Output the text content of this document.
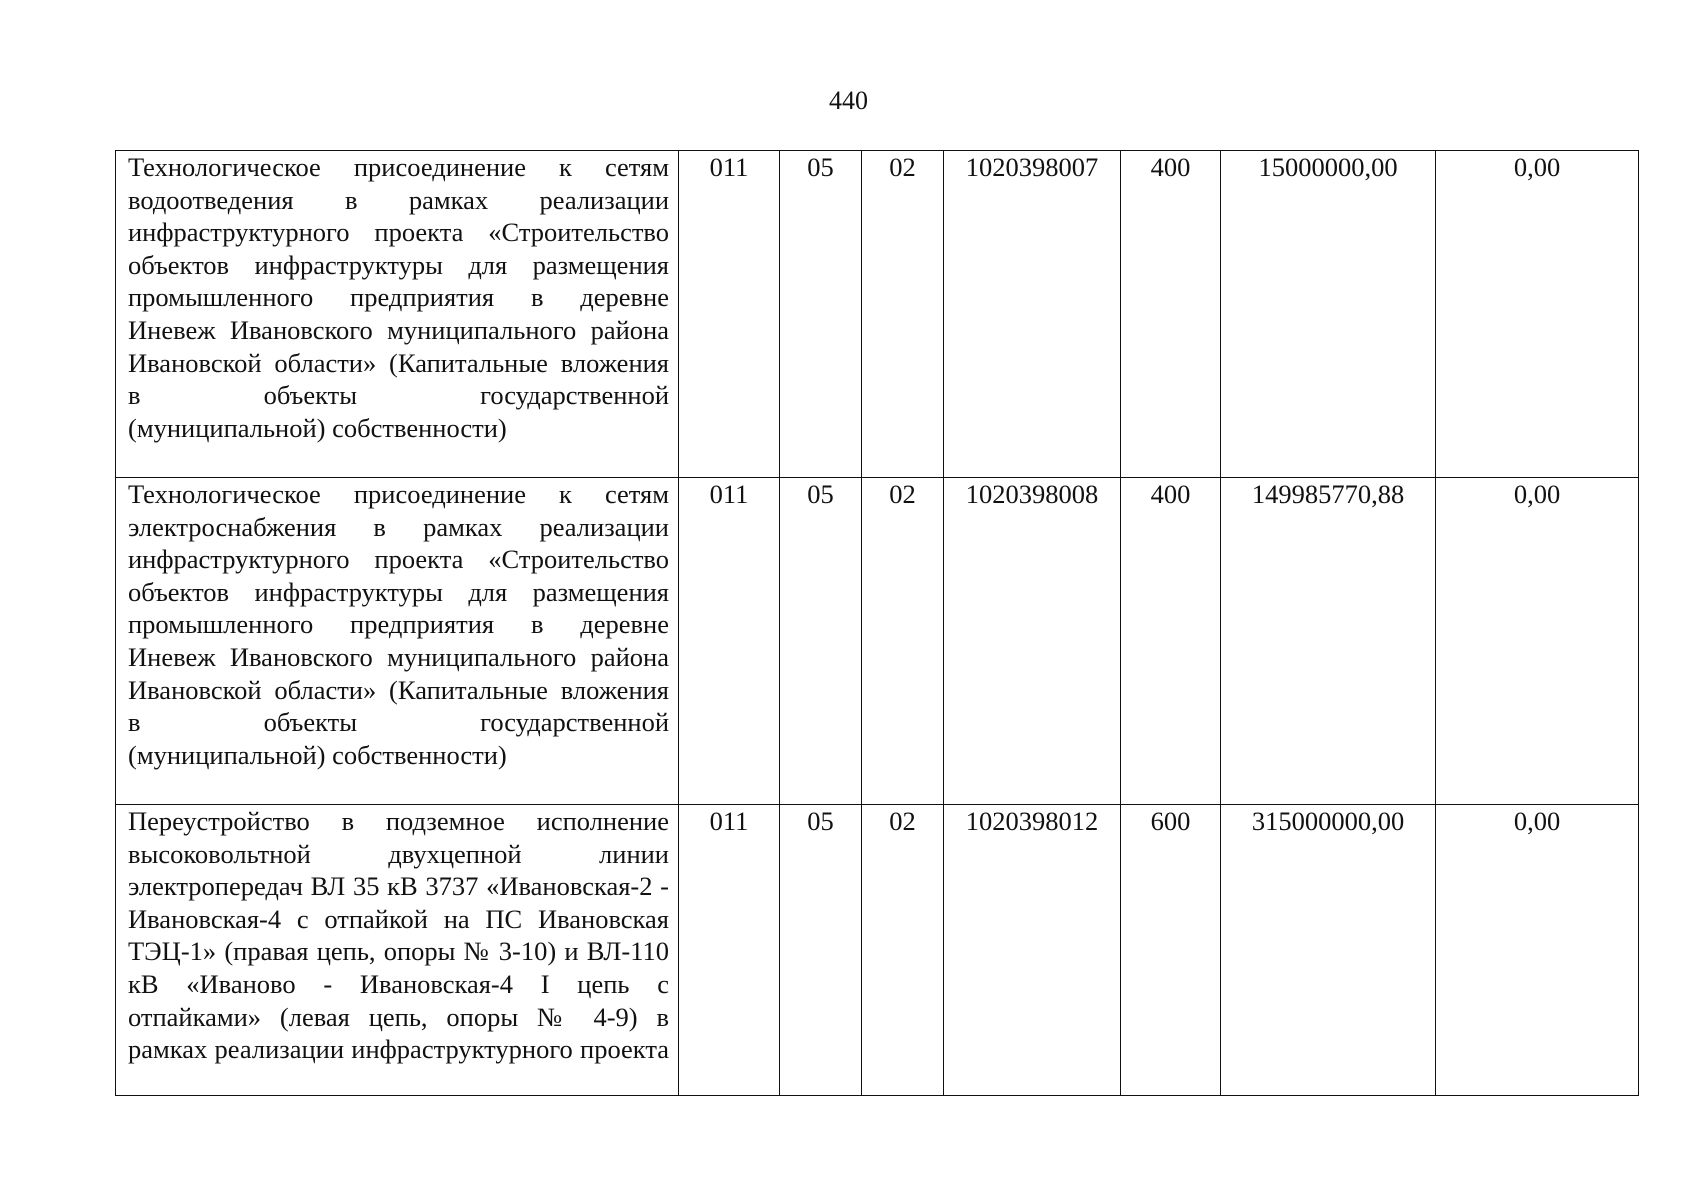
440
Технологическое присоединение к сетям водоотведения в рамках реализации инфраструктурного проекта «Строительство объектов инфраструктуры для размещения промышленного предприятия в деревне Иневеж Ивановского муниципального района Ивановской области» (Капитальные вложения в объекты государственной
(муниципальной) собственности)	011	05	02	1020398007	400	15000000,00	0,00

Технологическое присоединение к сетям электроснабжения в рамках реализации инфраструктурного проекта «Строительство объектов инфраструктуры для размещения промышленного предприятия в деревне Иневеж Ивановского муниципального района Ивановской области» (Капитальные вложения в объекты государственной
(муниципальной) собственности)	011	05	02	1020398008	400	149985770,88	0,00

Переустройство в подземное исполнение высоковольтной двухцепной линии электропередач ВЛ 35 кВ 3737 «Ивановская-2 - Ивановская-4 с отпайкой на ПС Ивановская ТЭЦ-1» (правая цепь, опоры № 3-10) и ВЛ-110 кВ «Иваново - Ивановская-4 I цепь с отпайками» (левая цепь, опоры № 4-9) в рамках реализации инфраструктурного проекта	011	05	02	1020398012	600	315000000,00	0,00
